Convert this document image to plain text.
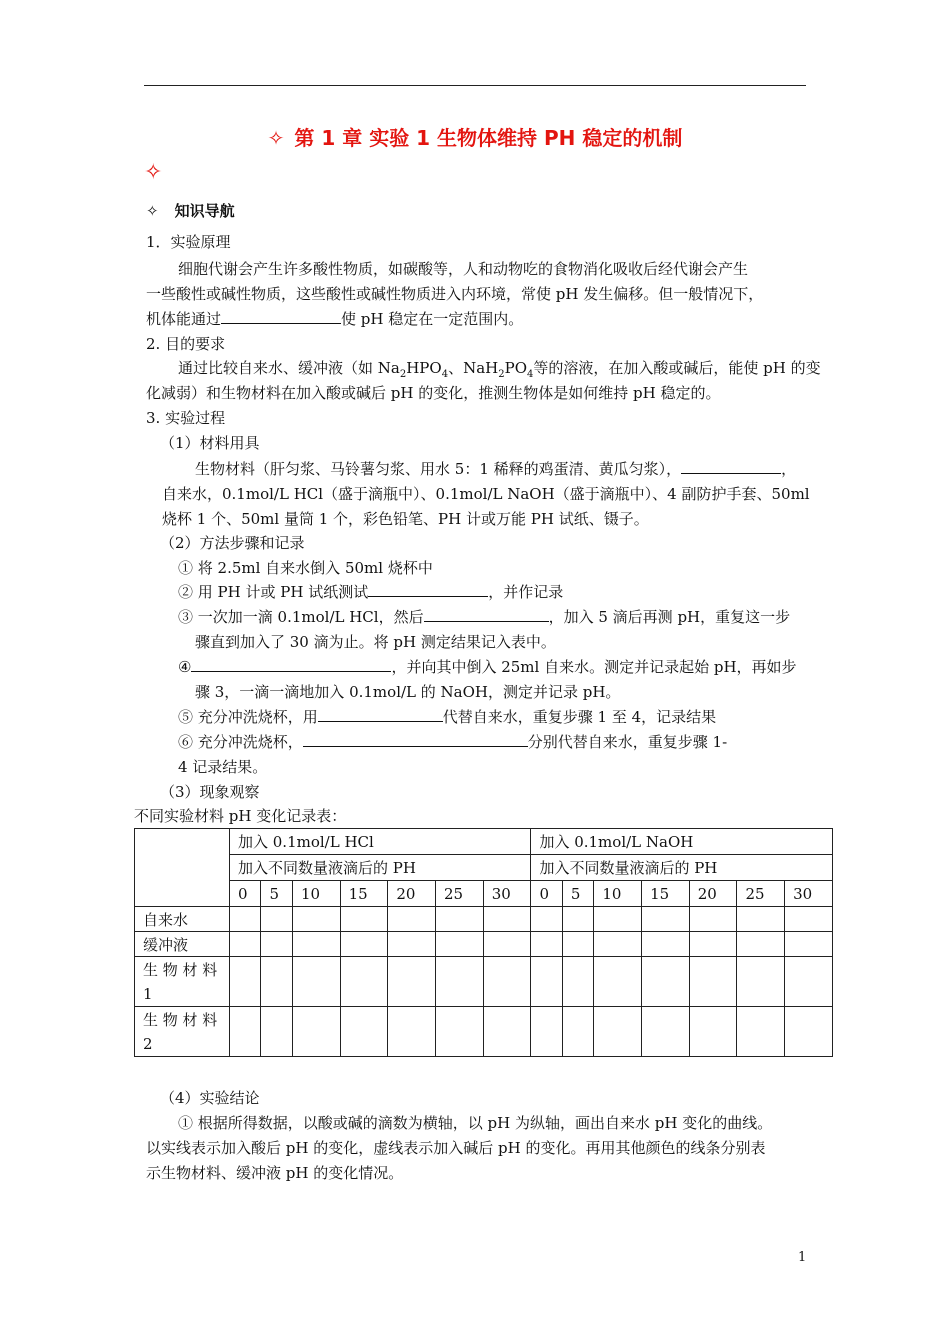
✧ 第 1 章 实验 1 生物体维持 PH 稳定的机制
✧
✧ 知识导航
1．实验原理
细胞代谢会产生许多酸性物质，如碳酸等，人和动物吃的食物消化吸收后经代谢会产生
一些酸性或碱性物质，这些酸性或碱性物质进入内环境，常使 pH 发生偏移。但一般情况下，
机体能通过	使 pH 稳定在一定范围内。
2. 目的要求
通过比较自来水、缓冲液（如 $Na_2HPO_4$、$NaH_2PO_4$等的溶液，在加入酸或碱后，能使 pH 的变
化减弱）和生物材料在加入酸或碱后 pH 的变化，推测生物体是如何维持 pH 稳定的。
3. 实验过程
（1）材料用具
生物材料（肝匀浆、马铃薯匀浆、用水 5：1 稀释的鸡蛋清、黄瓜匀浆），	，
自来水，0.1mol/L HCl（盛于滴瓶中）、0.1mol/L NaOH（盛于滴瓶中）、4 副防护手套、50ml
烧杯 1 个、50ml 量筒 1 个，彩色铅笔、PH 计或万能 PH 试纸、镊子。
（2）方法步骤和记录
① 将 2.5ml 自来水倒入 50ml 烧杯中
② 用 PH 计或 PH 试纸测试	，并作记录
③ 一次加一滴 0.1mol/L HCl，然后	，加入 5 滴后再测 pH，重复这一步
骤直到加入了 30 滴为止。将 pH 测定结果记入表中。
④	，并向其中倒入 25ml 自来水。测定并记录起始 pH，再如步
骤 3，一滴一滴地加入 0.1mol/L 的 NaOH，测定并记录 pH。
⑤ 充分冲洗烧杯，用	代替自来水，重复步骤 1 至 4，记录结果
⑥ 充分冲洗烧杯，	分别代替自来水，重复步骤 1-
4 记录结果。
（3）现象观察
不同实验材料 pH 变化记录表：
	加入 0.1mol/L HCl							加入 0.1mol/L NaOH						
	加入不同数量液滴后的 PH							加入不同数量液滴后的 PH						
	0	5	10	15	20	25	30	0	5	10	15	20	25	30
自来水														
缓冲液														
生 物 材 料 1														
生 物 材 料 2														
（4）实验结论
① 根据所得数据，以酸或碱的滴数为横轴，以 pH 为纵轴，画出自来水 pH 变化的曲线。
以实线表示加入酸后 pH 的变化，虚线表示加入碱后 pH 的变化。再用其他颜色的线条分别表
示生物材料、缓冲液 pH 的变化情况。
1
